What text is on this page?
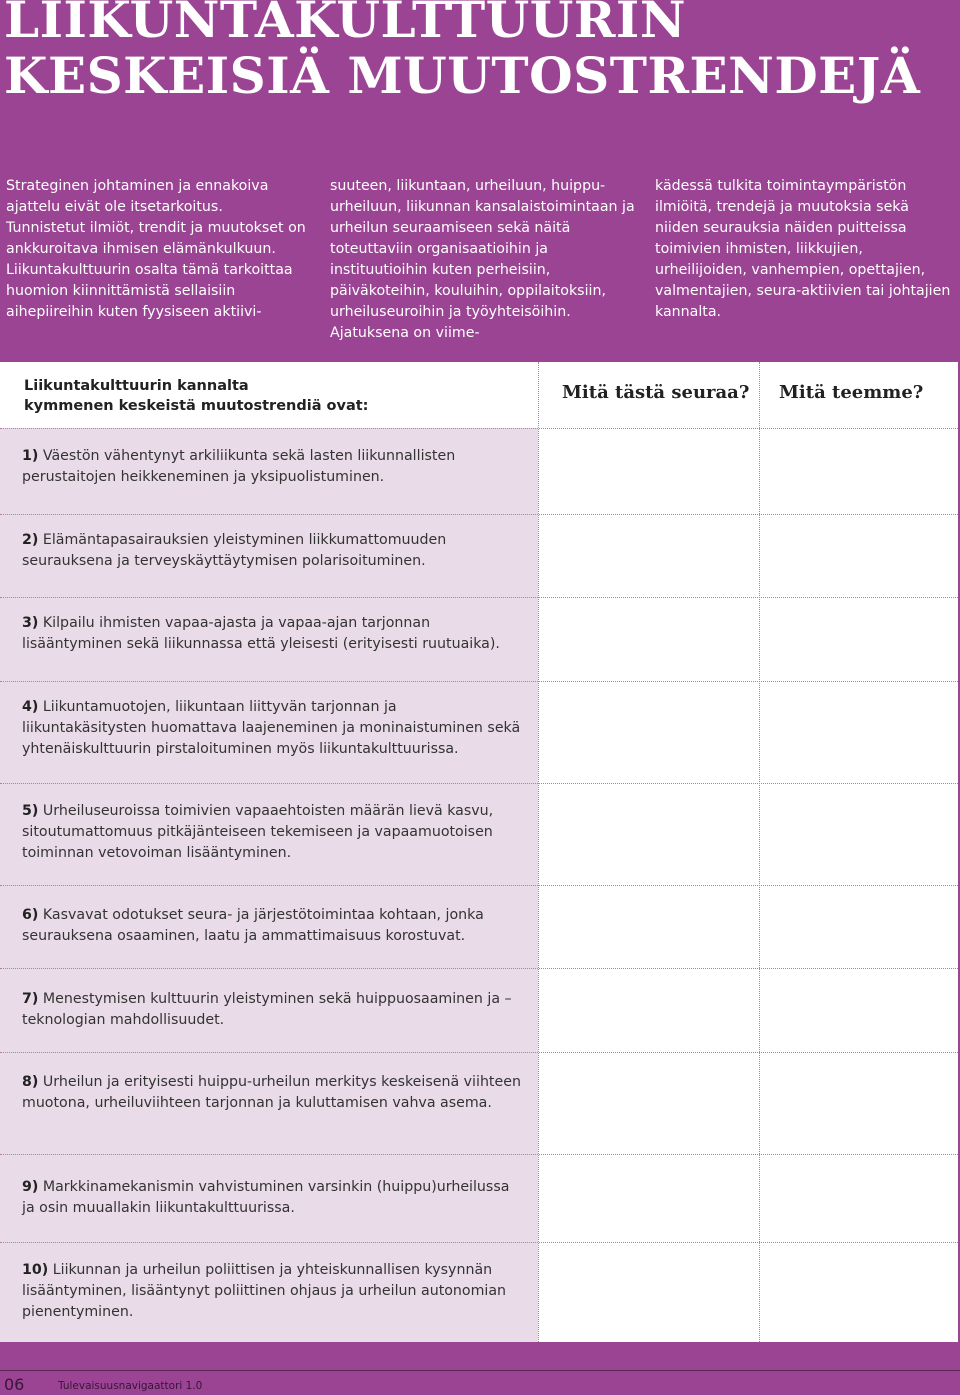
LIIKUNTAKULTTUURIN
KESKEISIÄ MUUTOSTRENDEJÄ
Strateginen johtaminen ja ennakoiva ajattelu eivät ole itsetarkoitus. Tunnistetut ilmiöt, trendit ja muutokset on ankkuroitava ihmisen elämänkulkuun. Liikuntakulttuurin osalta tämä tarkoittaa huomion kiinnittämistä sellaisiin aihepiireihin kuten fyysiseen aktiivi-
suuteen, liikuntaan, urheiluun, huippu-urheiluun, liikunnan kansalaistoimintaan ja urheilun seuraamiseen sekä näitä toteuttaviin organisaatioihin ja instituutioihin kuten perheisiin, päiväkoteihin, kouluihin, oppilaitoksiin, urheiluseuroihin ja työyhteisöihin. Ajatuksena on viime-
kädessä tulkita toimintaympäristön ilmiöitä, trendejä ja muutoksia sekä niiden seurauksia näiden puitteissa toimivien ihmisten, liikkujien, urheilijoiden, vanhempien, opettajien, valmentajien, seura-aktiivien tai johtajien kannalta.
Liikuntakulttuurin kannalta
kymmenen keskeistä muutostrendiä ovat:
Mitä tästä seuraa? Mitä teemme?
1) Väestön vähentynyt arkiliikunta sekä lasten liikunnallisten perustaitojen heikkeneminen ja yksipuolistuminen.
2) Elämäntapasairauksien yleistyminen liikkumattomuuden seurauksena ja terveyskäyttäytymisen polarisoituminen.
3) Kilpailu ihmisten vapaa-ajasta ja vapaa-ajan tarjonnan lisääntyminen sekä liikunnassa että yleisesti (erityisesti ruutuaika).
4) Liikuntamuotojen, liikuntaan liittyvän tarjonnan ja liikuntakäsitysten huomattava laajeneminen ja moninaistuminen sekä yhtenäiskulttuurin pirstaloituminen myös liikuntakulttuurissa.
5) Urheiluseuroissa toimivien vapaaehtoisten määrän lievä kasvu, sitoutumattomuus pitkäjänteiseen tekemiseen ja vapaamuotoisen toiminnan vetovoiman lisääntyminen.
6) Kasvavat odotukset seura- ja järjestötoimintaa kohtaan, jonka seurauksena osaaminen, laatu ja ammattimaisuus korostuvat.
7) Menestymisen kulttuurin yleistyminen sekä huippuosaaminen ja –teknologian mahdollisuudet.
8) Urheilun ja erityisesti huippu-urheilun merkitys keskeisenä viihteen muotona, urheiluviihteen tarjonnan ja kuluttamisen vahva asema.
9) Markkinamekanismin vahvistuminen varsinkin (huippu)urheilussa ja osin muuallakin liikuntakulttuurissa.
10) Liikunnan ja urheilun poliittisen ja yhteiskunnallisen kysynnän lisääntyminen, lisääntynyt poliittinen ohjaus ja urheilun autonomian pienentyminen.
06	Tulevaisuusnavigaattori 1.0
